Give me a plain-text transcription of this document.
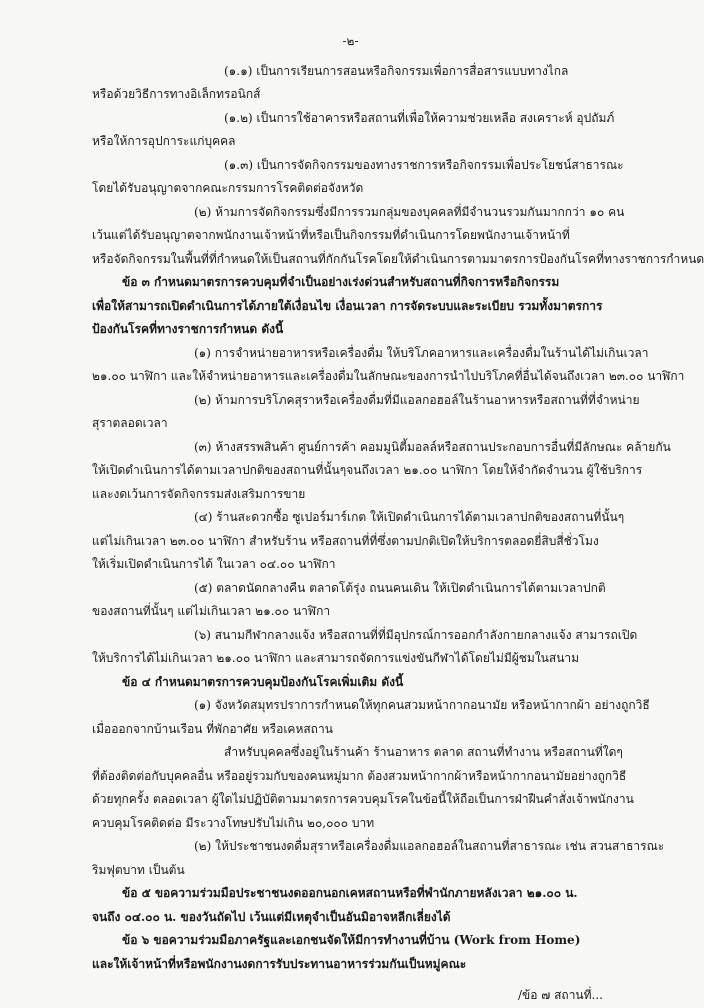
-๒-
(๑.๑) เป็นการเรียนการสอนหรือกิจกรรมเพื่อการสื่อสารแบบทางไกล
หรือด้วยวิธีการทางอิเล็กทรอนิกส์
(๑.๒) เป็นการใช้อาคารหรือสถานที่เพื่อให้ความช่วยเหลือ สงเคราะห์ อุปถัมภ์
หรือให้การอุปการะแก่บุคคล
(๑.๓) เป็นการจัดกิจกรรมของทางราชการหรือกิจกรรมเพื่อประโยชน์สาธารณะ
โดยได้รับอนุญาตจากคณะกรรมการโรคติดต่อจังหวัด
(๒) ห้ามการจัดกิจกรรมซึ่งมีการรวมกลุ่มของบุคคลที่มีจำนวนรวมกันมากกว่า ๑๐ คน
เว้นแต่ได้รับอนุญาตจากพนักงานเจ้าหน้าที่หรือเป็นกิจกรรมที่ดำเนินการโดยพนักงานเจ้าหน้าที่
หรือจัดกิจกรรมในพื้นที่ที่กำหนดให้เป็นสถานที่กักกันโรคโดยให้ดำเนินการตามมาตรการป้องกันโรคที่ทางราชการกำหนด
ข้อ ๓ กำหนดมาตรการควบคุมที่จำเป็นอย่างเร่งด่วนสำหรับสถานที่กิจการหรือกิจกรรม
เพื่อให้สามารถเปิดดำเนินการได้ภายใต้เงื่อนไข เงื่อนเวลา การจัดระบบและระเบียบ รวมทั้งมาตรการ
ป้องกันโรคที่ทางราชการกำหนด ดังนี้
(๑) การจำหน่ายอาหารหรือเครื่องดื่ม ให้บริโภคอาหารและเครื่องดื่มในร้านได้ไม่เกินเวลา
๒๑.๐๐ นาฬิกา และให้จำหน่ายอาหารและเครื่องดื่มในลักษณะของการนำไปบริโภคที่อื่นได้จนถึงเวลา ๒๓.๐๐ นาฬิกา
(๒) ห้ามการบริโภคสุราหรือเครื่องดื่มที่มีแอลกอฮอล์ในร้านอาหารหรือสถานที่ที่จำหน่าย
สุราตลอดเวลา
(๓) ห้างสรรพสินค้า ศูนย์การค้า คอมมูนิตี้มอลล์หรือสถานประกอบการอื่นที่มีลักษณะ คล้ายกัน
ให้เปิดดำเนินการได้ตามเวลาปกติของสถานที่นั้นๆจนถึงเวลา ๒๑.๐๐ นาฬิกา โดยให้จำกัดจำนวน ผู้ใช้บริการ
และงดเว้นการจัดกิจกรรมส่งเสริมการขาย
(๔) ร้านสะดวกซื้อ ซูเปอร์มาร์เกต ให้เปิดดำเนินการได้ตามเวลาปกติของสถานที่นั้นๆ
แต่ไม่เกินเวลา ๒๓.๐๐ นาฬิกา สำหรับร้าน หรือสถานที่ที่ซึ่งตามปกติเปิดให้บริการตลอดยี่สิบสี่ชั่วโมง
ให้เริ่มเปิดดำเนินการได้ ในเวลา ๐๔.๐๐ นาฬิกา
(๕) ตลาดนัดกลางคืน ตลาดโต้รุ่ง ถนนคนเดิน ให้เปิดดำเนินการได้ตามเวลาปกติ
ของสถานที่นั้นๆ แต่ไม่เกินเวลา ๒๑.๐๐ นาฬิกา
(๖) สนามกีฬากลางแจ้ง หรือสถานที่ที่มีอุปกรณ์การออกกำลังกายกลางแจ้ง สามารถเปิด
ให้บริการได้ไม่เกินเวลา ๒๑.๐๐ นาฬิกา และสามารถจัดการแข่งขันกีฬาได้โดยไม่มีผู้ชมในสนาม
ข้อ ๔ กำหนดมาตรการควบคุมป้องกันโรคเพิ่มเติม ดังนี้
(๑) จังหวัดสมุทรปราการกำหนดให้ทุกคนสวมหน้ากากอนามัย หรือหน้ากากผ้า อย่างถูกวิธี
เมื่อออกจากบ้านเรือน ที่พักอาศัย หรือเคหสถาน
สำหรับบุคคลซึ่งอยู่ในร้านค้า ร้านอาหาร ตลาด สถานที่ทำงาน หรือสถานที่ใดๆ
ที่ต้องติดต่อกับบุคคลอื่น หรืออยู่รวมกับของคนหมู่มาก ต้องสวมหน้ากากผ้าหรือหน้ากากอนามัยอย่างถูกวิธี
ด้วยทุกครั้ง ตลอดเวลา ผู้ใดไม่ปฏิบัติตามมาตรการควบคุมโรคในข้อนี้ให้ถือเป็นการฝ่าฝืนคำสั่งเจ้าพนักงาน
ควบคุมโรคติดต่อ มีระวางโทษปรับไม่เกิน ๒๐,๐๐๐ บาท
(๒) ให้ประชาชนงดดื่มสุราหรือเครื่องดื่มแอลกอฮอล์ในสถานที่สาธารณะ เช่น สวนสาธารณะ
ริมฟุตบาท เป็นต้น
ข้อ ๕ ขอความร่วมมือประชาชนงดออกนอกเคหสถานหรือที่พำนักภายหลังเวลา ๒๑.๐๐ น.
จนถึง ๐๔.๐๐ น. ของวันถัดไป เว้นแต่มีเหตุจำเป็นอันมิอาจหลีกเลี่ยงได้
ข้อ ๖ ขอความร่วมมือภาครัฐและเอกชนจัดให้มีการทำงานที่บ้าน (Work from Home)
และให้เจ้าหน้าที่หรือพนักงานงดการรับประทานอาหารร่วมกันเป็นหมู่คณะ
/ข้อ ๗ สถานที่...
